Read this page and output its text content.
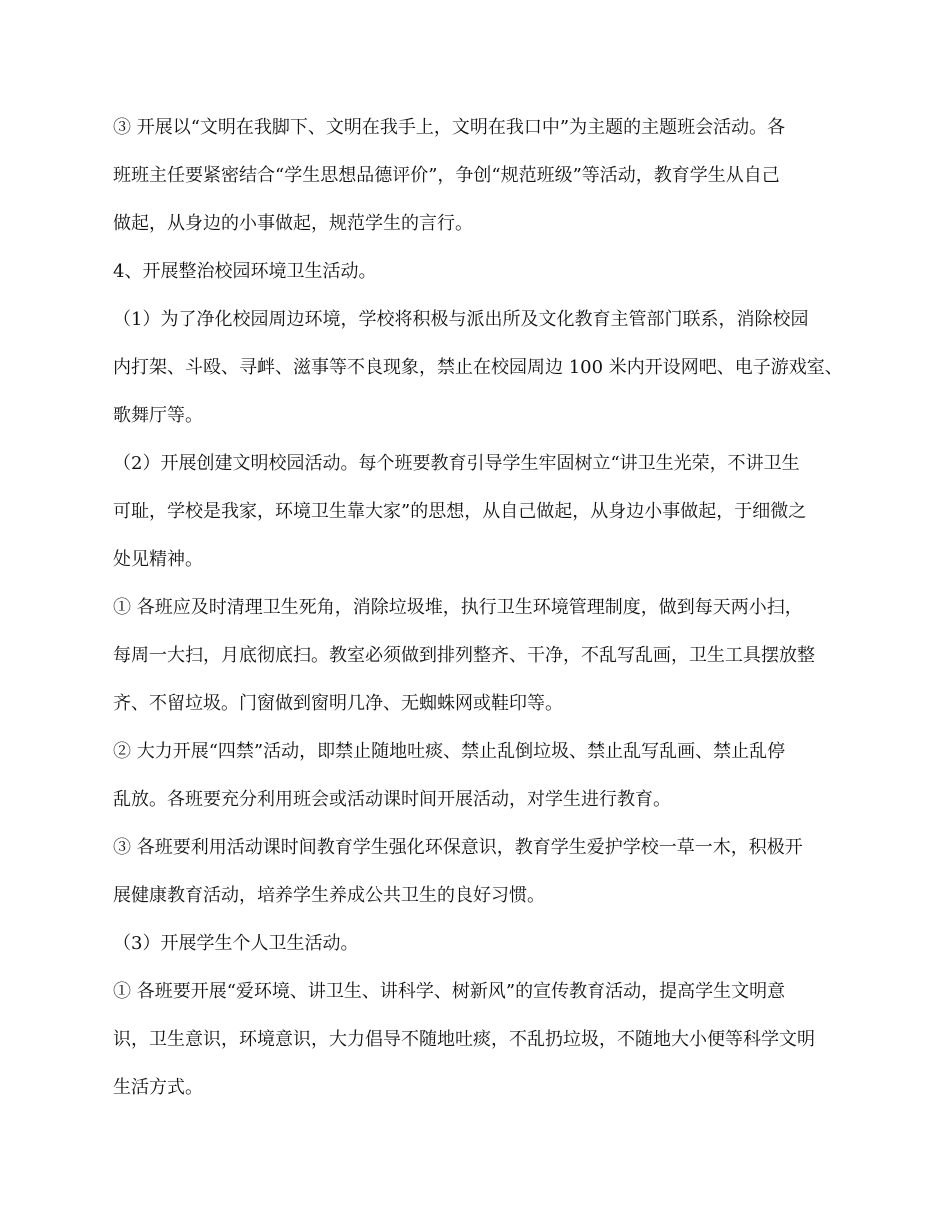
③ 开展以“文明在我脚下、文明在我手上，文明在我口中”为主题的主题班会活动。各
班班主任要紧密结合“学生思想品德评价”，争创“规范班级”等活动，教育学生从自己
做起，从身边的小事做起，规范学生的言行。
4、开展整治校园环境卫生活动。
（1）为了净化校园周边环境，学校将积极与派出所及文化教育主管部门联系，消除校园
内打架、斗殴、寻衅、滋事等不良现象，禁止在校园周边 100 米内开设网吧、电子游戏室、
歌舞厅等。
（2）开展创建文明校园活动。每个班要教育引导学生牢固树立“讲卫生光荣，不讲卫生
可耻，学校是我家，环境卫生靠大家”的思想，从自己做起，从身边小事做起，于细微之
处见精神。
① 各班应及时清理卫生死角，消除垃圾堆，执行卫生环境管理制度，做到每天两小扫，
每周一大扫，月底彻底扫。教室必须做到排列整齐、干净，不乱写乱画，卫生工具摆放整
齐、不留垃圾。门窗做到窗明几净、无蜘蛛网或鞋印等。
② 大力开展“四禁”活动，即禁止随地吐痰、禁止乱倒垃圾、禁止乱写乱画、禁止乱停
乱放。各班要充分利用班会或活动课时间开展活动，对学生进行教育。
③ 各班要利用活动课时间教育学生强化环保意识，教育学生爱护学校一草一木，积极开
展健康教育活动，培养学生养成公共卫生的良好习惯。
（3）开展学生个人卫生活动。
① 各班要开展“爱环境、讲卫生、讲科学、树新风”的宣传教育活动，提高学生文明意
识，卫生意识，环境意识，大力倡导不随地吐痰，不乱扔垃圾，不随地大小便等科学文明
生活方式。
